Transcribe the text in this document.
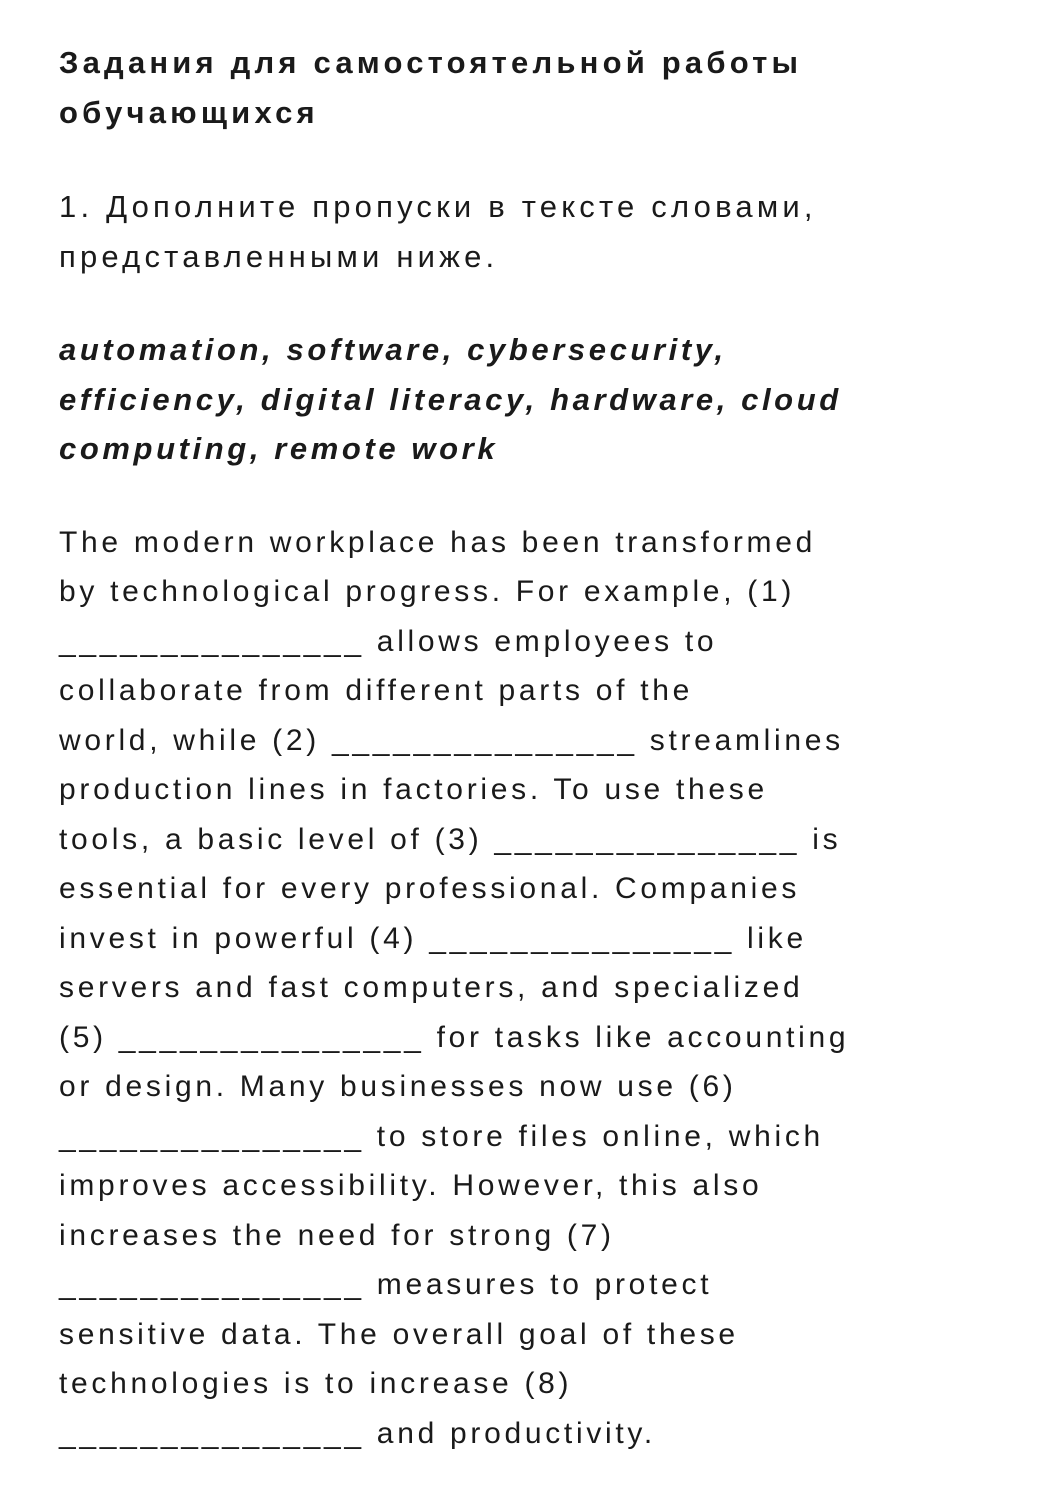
Задания для самостоятельной работы
обучающихся

1. Дополните пропуски в тексте словами,
представленными ниже.

automation, software, cybersecurity,
efficiency, digital literacy, hardware, cloud
computing, remote work

The modern workplace has been transformed
by technological progress. For example, (1)
_______________ allows employees to
collaborate from different parts of the
world, while (2) _______________ streamlines
production lines in factories. To use these
tools, a basic level of (3) _______________ is
essential for every professional. Companies
invest in powerful (4) _______________ like
servers and fast computers, and specialized
(5) _______________ for tasks like accounting
or design. Many businesses now use (6)
_______________ to store files online, which
improves accessibility. However, this also
increases the need for strong (7)
_______________ measures to protect
sensitive data. The overall goal of these
technologies is to increase (8)
_______________ and productivity.
